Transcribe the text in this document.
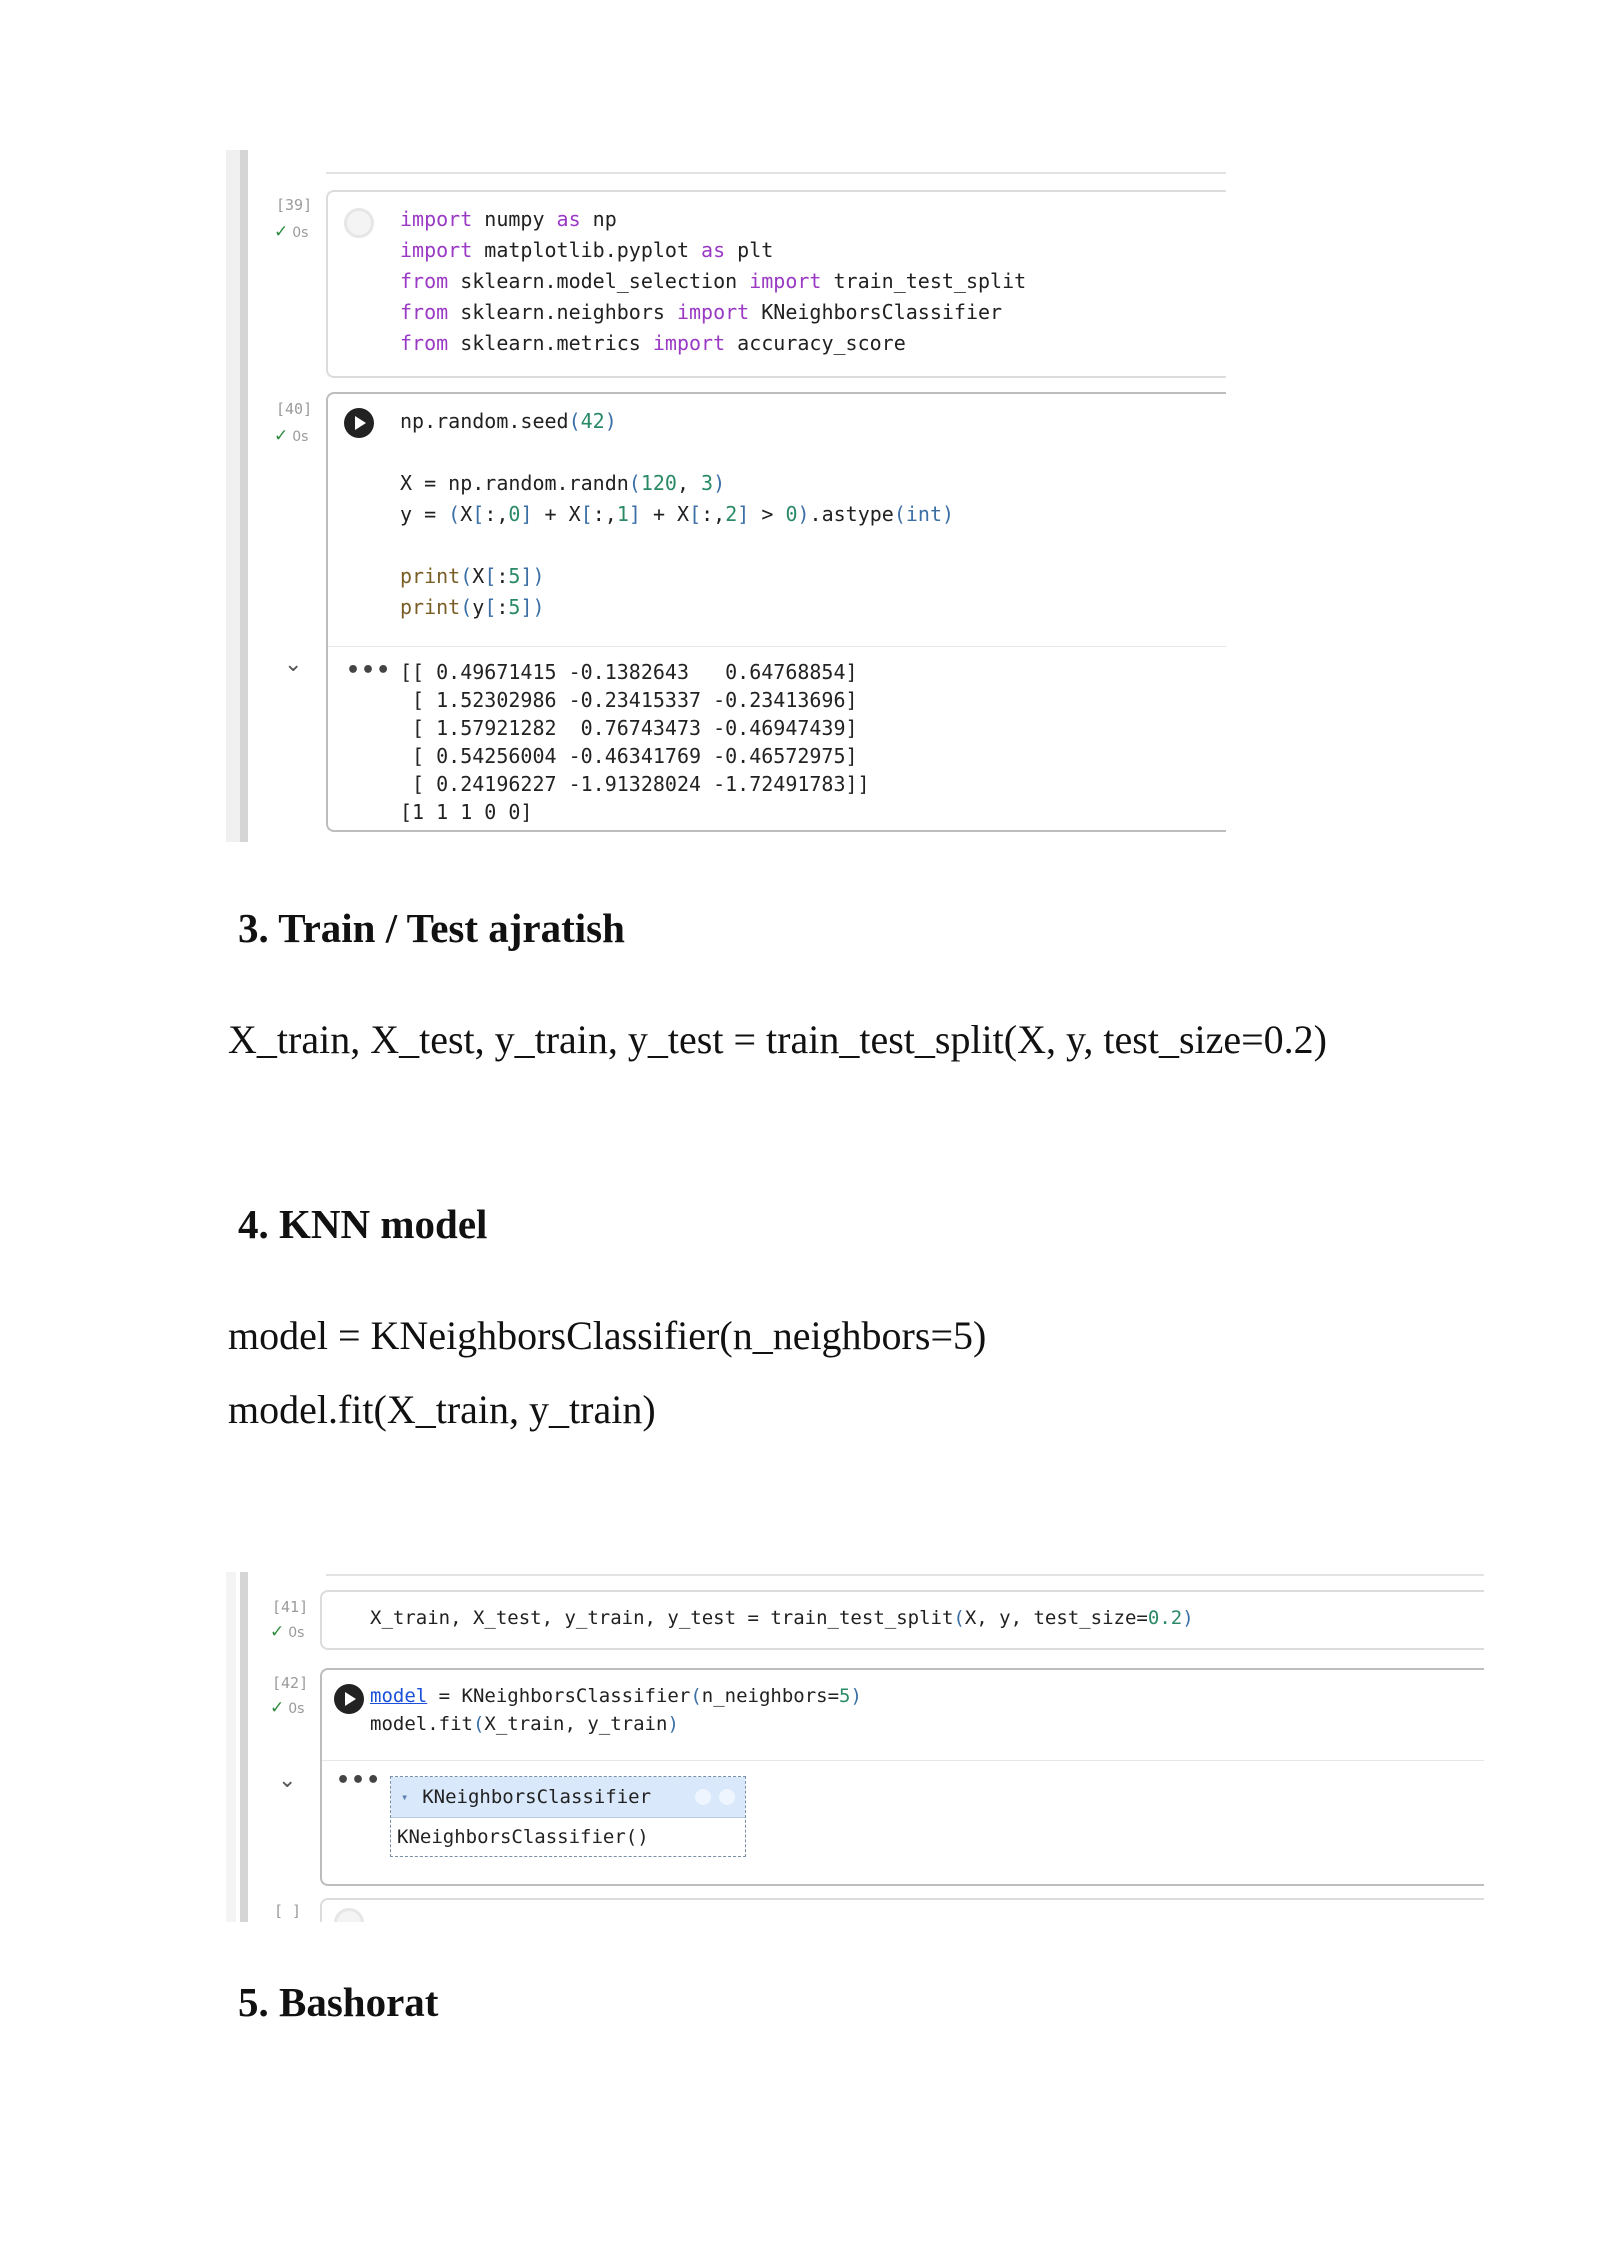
[39]
✓ 0s
import numpy as np
import matplotlib.pyplot as plt
from sklearn.model_selection import train_test_split
from sklearn.neighbors import KNeighborsClassifier
from sklearn.metrics import accuracy_score
[40]
✓ 0s
np.random.seed(42)

X = np.random.randn(120, 3)
y = (X[:,0] + X[:,1] + X[:,2] > 0).astype(int)

print(X[:5])
print(y[:5])
••• [[ 0.49671415 -0.1382643   0.64768854]
[ 1.52302986 -0.23415337 -0.23413696]
[ 1.57921282  0.76743473 -0.46947439]
[ 0.54256004 -0.46341769 -0.46572975]
[ 0.24196227 -1.91328024 -1.72491783]]
[1 1 1 0 0]
⌄
3. Train / Test ajratish

X_train, X_test, y_train, y_test = train_test_split(X, y, test_size=0.2)

4. KNN model

model = KNeighborsClassifier(n_neighbors=5)

model.fit(X_train, y_train)

[41]
✓ 0s
X_train, X_test, y_train, y_test = train_test_split(X, y, test_size=0.2)
[42]
✓ 0s
model = KNeighborsClassifier(n_neighbors=5)
model.fit(X_train, y_train)
•••
▾ KNeighborsClassifier
KNeighborsClassifier()
⌄
[ ]
5. Bashorat
